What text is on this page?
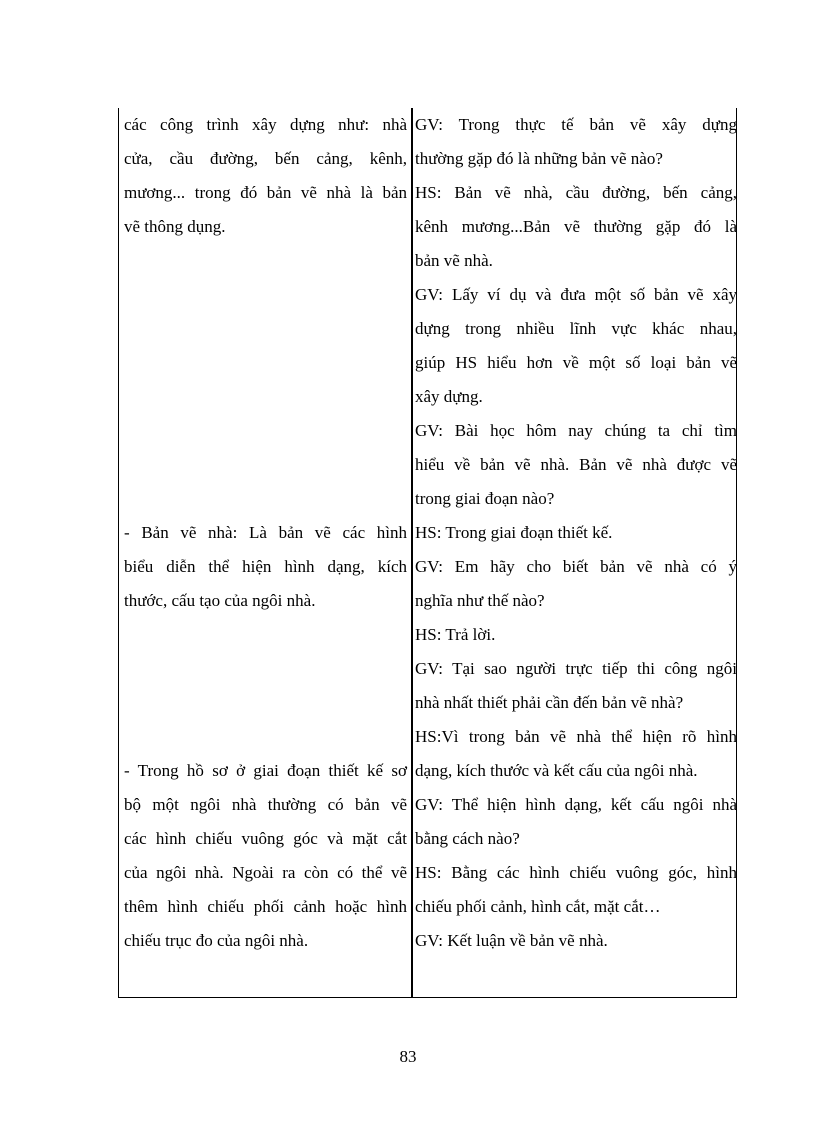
các công trình xây dựng như: nhà
cửa, cầu đường, bến cảng, kênh,
mương... trong đó bản vẽ nhà là bản
vẽ thông dụng.
- Bản vẽ nhà: Là bản vẽ các hình
biểu diễn thể hiện hình dạng, kích
thước, cấu tạo của ngôi nhà.
- Trong hồ sơ ở giai đoạn thiết kế sơ
bộ một ngôi nhà thường có bản vẽ
các hình chiếu vuông góc và mặt cắt
của ngôi nhà. Ngoài ra còn có thể vẽ
thêm hình chiếu phối cảnh hoặc hình
chiếu trục đo của ngôi nhà.
GV: Trong thực tế bản vẽ xây dựng
thường gặp đó là những bản vẽ nào?
HS: Bản vẽ nhà, cầu đường, bến cảng,
kênh mương...Bản vẽ thường gặp đó là
bản vẽ nhà.
GV: Lấy ví dụ và đưa một số bản vẽ xây
dựng trong nhiều lĩnh vực khác nhau,
giúp HS hiểu hơn về một số loại bản vẽ
xây dựng.
GV: Bài học hôm nay chúng ta chỉ tìm
hiểu về bản vẽ nhà. Bản vẽ nhà được vẽ
trong giai đoạn nào?
HS: Trong giai đoạn thiết kế.
GV: Em hãy cho biết bản vẽ nhà có ý
nghĩa như thế nào?
HS: Trả lời.
GV: Tại sao người trực tiếp thi công ngôi
nhà nhất thiết phải cần đến bản vẽ nhà?
HS:Vì trong bản vẽ nhà thể hiện rõ hình
dạng, kích thước và kết cấu của ngôi nhà.
GV: Thể hiện hình dạng, kết cấu ngôi nhà
bằng cách nào?
HS: Bằng các hình chiếu vuông góc, hình
chiếu phối cảnh, hình cắt, mặt cắt…
GV: Kết luận về bản vẽ nhà.
83
